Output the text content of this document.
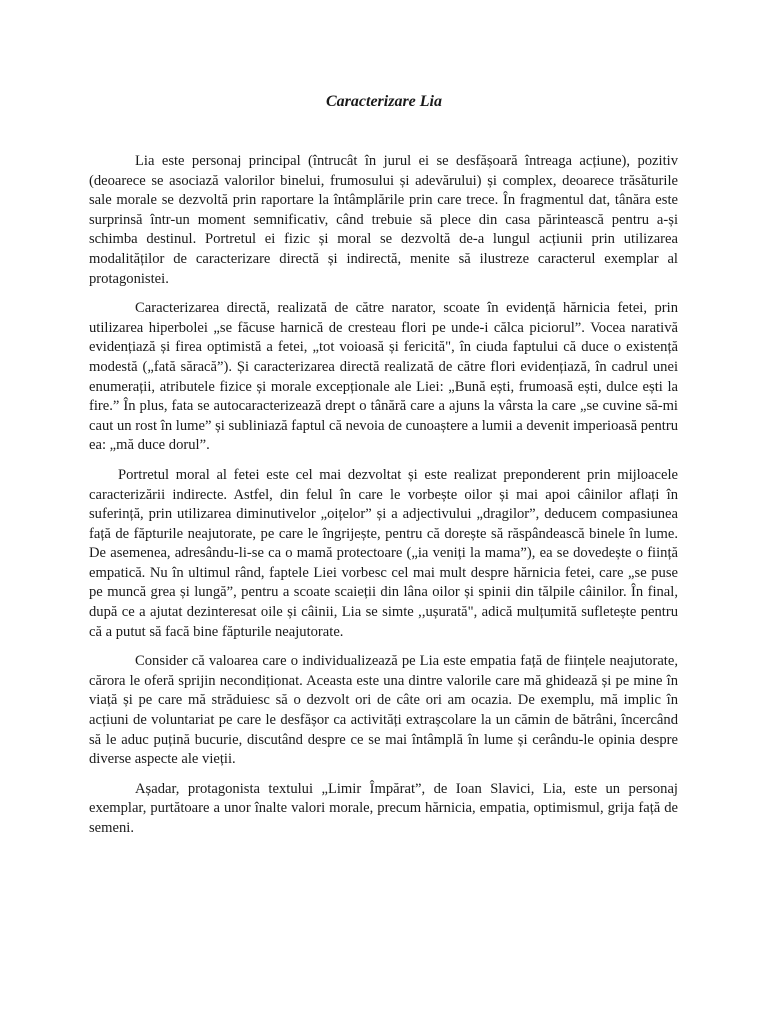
Caracterizare Lia

Lia este personaj principal (întrucât în jurul ei se desfășoară întreaga acțiune), pozitiv (deoarece se asociază valorilor binelui, frumosului și adevărului) și complex, deoarece trăsăturile sale morale se dezvoltă prin raportare la întâmplările prin care trece. În fragmentul dat, tânăra este surprinsă într-un moment semnificativ, când trebuie să plece din casa părintească pentru a-și schimba destinul. Portretul ei fizic și moral se dezvoltă de-a lungul acțiunii prin utilizarea modalităților de caracterizare directă și indirectă, menite să ilustreze caracterul exemplar al protagonistei.

Caracterizarea directă, realizată de către narator, scoate în evidență hărnicia fetei, prin utilizarea hiperbolei „se făcuse harnică de cresteau flori pe unde-i călca piciorul”. Vocea narativă evidențiază și firea optimistă a fetei, „tot voioasă și fericită", în ciuda faptului că duce o existență modestă („fată săracă”). Și caracterizarea directă realizată de către flori evidențiază, în cadrul unei enumerații, atributele fizice și morale excepționale ale Liei: „Bună ești, frumoasă ești, dulce ești la fire.” În plus, fata se autocaracterizează drept o tânără care a ajuns la vârsta la care „se cuvine să-mi caut un rost în lume” și subliniază faptul că nevoia de cunoaștere a lumii a devenit imperioasă pentru ea: „mă duce dorul”.

Portretul moral al fetei este cel mai dezvoltat și este realizat preponderent prin mijloacele caracterizării indirecte. Astfel, din felul în care le vorbește oilor și mai apoi câinilor aflați în suferință, prin utilizarea diminutivelor „oițelor” și a adjectivului „dragilor”, deducem compasiunea față de făpturile neajutorate, pe care le îngrijește, pentru că dorește să răspândească binele în lume. De asemenea, adresându-li-se ca o mamă protectoare („ia veniți la mama”), ea se dovedește o ființă empatică. Nu în ultimul rând, faptele Liei vorbesc cel mai mult despre hărnicia fetei, care „se puse pe muncă grea și lungă”, pentru a scoate scaieții din lâna oilor și spinii din tălpile câinilor. În final, după ce a ajutat dezinteresat oile și câinii, Lia se simte ,,ușurată", adică mulțumită sufletește pentru că a putut să facă bine făpturile neajutorate.

Consider că valoarea care o individualizează pe Lia este empatia față de ființele neajutorate, cărora le oferă sprijin necondiționat. Aceasta este una dintre valorile care mă ghidează și pe mine în viață și pe care mă străduiesc să o dezvolt ori de câte ori am ocazia. De exemplu, mă implic în acțiuni de voluntariat pe care le desfășor ca activități extrașcolare la un cămin de bătrâni, încercând să le aduc puțină bucurie, discutând despre ce se mai întâmplă în lume și cerându-le opinia despre diverse aspecte ale vieții.

Așadar, protagonista textului „Limir Împărat”, de Ioan Slavici, Lia, este un personaj exemplar, purtătoare a unor înalte valori morale, precum hărnicia, empatia, optimismul, grija față de semeni.
